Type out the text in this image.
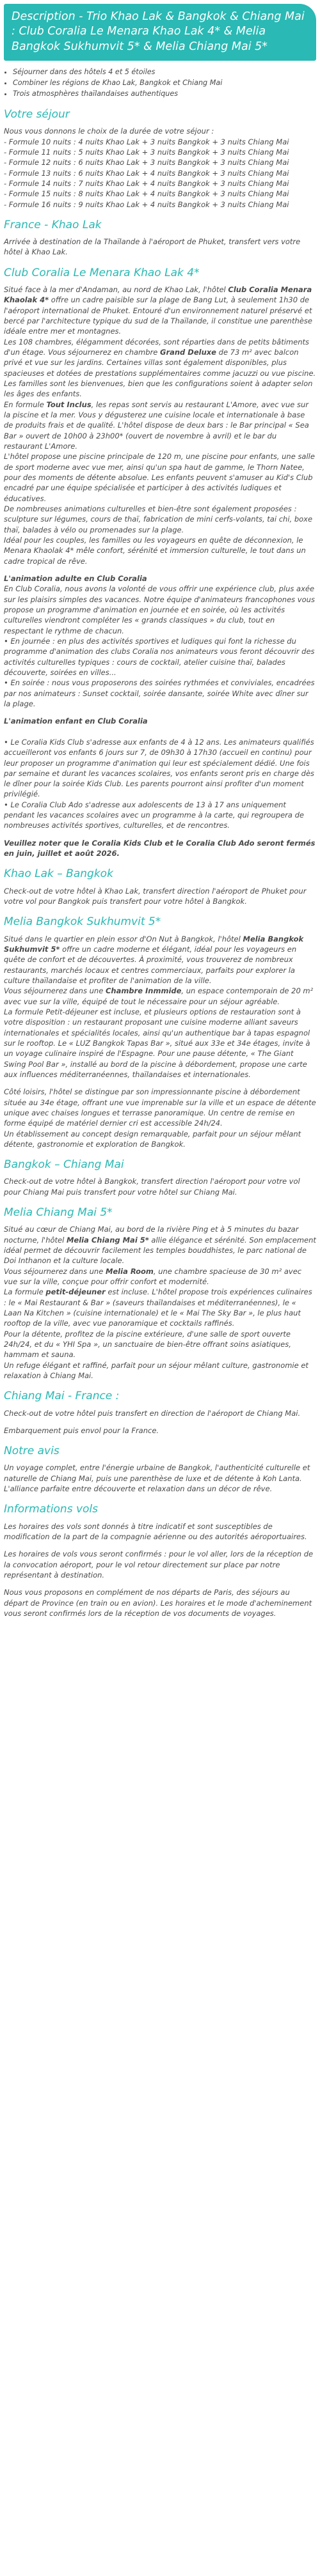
Description - Trio Khao Lak & Bangkok & Chiang Mai : Club Coralia Le Menara Khao Lak 4* & Melia Bangkok Sukhumvit 5* & Melia Chiang Mai 5*
• Séjourner dans des hôtels 4 et 5 étoiles
• Combiner les régions de Khao Lak, Bangkok et Chiang Mai
• Trois atmosphères thaïlandaises authentiques
Votre séjour

Nous vous donnons le choix de la durée de votre séjour :
- Formule 10 nuits : 4 nuits Khao Lak + 3 nuits Bangkok + 3 nuits Chiang Mai
- Formule 11 nuits : 5 nuits Khao Lak + 3 nuits Bangkok + 3 nuits Chiang Mai
- Formule 12 nuits : 6 nuits Khao Lak + 3 nuits Bangkok + 3 nuits Chiang Mai
- Formule 13 nuits : 6 nuits Khao Lak + 4 nuits Bangkok + 3 nuits Chiang Mai
- Formule 14 nuits : 7 nuits Khao Lak + 4 nuits Bangkok + 3 nuits Chiang Mai
- Formule 15 nuits : 8 nuits Khao Lak + 4 nuits Bangkok + 3 nuits Chiang Mai
- Formule 16 nuits : 9 nuits Khao Lak + 4 nuits Bangkok + 3 nuits Chiang Mai

France - Khao Lak

Arrivée à destination de la Thaïlande à l'aéroport de Phuket, transfert vers votre hôtel à Khao Lak.

Club Coralia Le Menara Khao Lak 4*

Situé face à la mer d'Andaman, au nord de Khao Lak, l'hôtel Club Coralia Menara Khaolak 4* offre un cadre paisible sur la plage de Bang Lut, à seulement 1h30 de l'aéroport international de Phuket. Entouré d'un environnement naturel préservé et bercé par l'architecture typique du sud de la Thaïlande, il constitue une parenthèse idéale entre mer et montagnes.
Les 108 chambres, élégamment décorées, sont réparties dans de petits bâtiments d'un étage. Vous séjournerez en chambre Grand Deluxe de 73 m² avec balcon privé et vue sur les jardins. Certaines villas sont également disponibles, plus spacieuses et dotées de prestations supplémentaires comme jacuzzi ou vue piscine. Les familles sont les bienvenues, bien que les configurations soient à adapter selon les âges des enfants.
En formule Tout Inclus, les repas sont servis au restaurant L'Amore, avec vue sur la piscine et la mer. Vous y dégusterez une cuisine locale et internationale à base de produits frais et de qualité. L'hôtel dispose de deux bars : le Bar principal « Sea Bar » ouvert de 10h00 à 23h00* (ouvert de novembre à avril) et le bar du restaurant L'Amore.
L'hôtel propose une piscine principale de 120 m, une piscine pour enfants, une salle de sport moderne avec vue mer, ainsi qu'un spa haut de gamme, le Thorn Natee, pour des moments de détente absolue. Les enfants peuvent s'amuser au Kid's Club encadré par une équipe spécialisée et participer à des activités ludiques et éducatives.
De nombreuses animations culturelles et bien-être sont également proposées : sculpture sur légumes, cours de thaï, fabrication de mini cerfs-volants, tai chi, boxe thaï, balades à vélo ou promenades sur la plage.
Idéal pour les couples, les familles ou les voyageurs en quête de déconnexion, le Menara Khaolak 4* mêle confort, sérénité et immersion culturelle, le tout dans un cadre tropical de rêve.

L'animation adulte en Club Coralia
En Club Coralia, nous avons la volonté de vous offrir une expérience club, plus axée sur les plaisirs simples des vacances. Notre équipe d'animateurs francophones vous propose un programme d'animation en journée et en soirée, où les activités culturelles viendront compléter les « grands classiques » du club, tout en respectant le rythme de chacun.
• En journée : en plus des activités sportives et ludiques qui font la richesse du programme d'animation des clubs Coralia nos animateurs vous feront découvrir des activités culturelles typiques : cours de cocktail, atelier cuisine thaï, balades découverte, soirées en villes...
• En soirée : nous vous proposerons des soirées rythmées et conviviales, encadrées par nos animateurs : Sunset cocktail, soirée dansante, soirée White avec dîner sur la plage.

L'animation enfant en Club Coralia

• Le Coralia Kids Club s'adresse aux enfants de 4 à 12 ans. Les animateurs qualifiés accueilleront vos enfants 6 jours sur 7, de 09h30 à 17h30 (accueil en continu) pour leur proposer un programme d'animation qui leur est spécialement dédié. Une fois par semaine et durant les vacances scolaires, vos enfants seront pris en charge dès le dîner pour la soirée Kids Club. Les parents pourront ainsi profiter d'un moment privilégié.
• Le Coralia Club Ado s'adresse aux adolescents de 13 à 17 ans uniquement pendant les vacances scolaires avec un programme à la carte, qui regroupera de nombreuses activités sportives, culturelles, et de rencontres.

Veuillez noter que le Coralia Kids Club et le Coralia Club Ado seront fermés en juin, juillet et août 2026.

Khao Lak – Bangkok

Check-out de votre hôtel à Khao Lak, transfert direction l'aéroport de Phuket pour votre vol pour Bangkok puis transfert pour votre hôtel à Bangkok.

Melia Bangkok Sukhumvit 5*

Situé dans le quartier en plein essor d'On Nut à Bangkok, l'hôtel Melia Bangkok Sukhumvit 5* offre un cadre moderne et élégant, idéal pour les voyageurs en quête de confort et de découvertes. À proximité, vous trouverez de nombreux restaurants, marchés locaux et centres commerciaux, parfaits pour explorer la culture thaïlandaise et profiter de l'animation de la ville.
Vous séjournerez dans une Chambre Inmmide, un espace contemporain de 20 m² avec vue sur la ville, équipé de tout le nécessaire pour un séjour agréable.
La formule Petit-déjeuner est incluse, et plusieurs options de restauration sont à votre disposition : un restaurant proposant une cuisine moderne alliant saveurs internationales et spécialités locales, ainsi qu'un authentique bar à tapas espagnol sur le rooftop. Le « LUZ Bangkok Tapas Bar », situé aux 33e et 34e étages, invite à un voyage culinaire inspiré de l'Espagne. Pour une pause détente, « The Giant Swing Pool Bar », installé au bord de la piscine à débordement, propose une carte aux influences méditerranéennes, thaïlandaises et internationales.

Côté loisirs, l'hôtel se distingue par son impressionnante piscine à débordement située au 34e étage, offrant une vue imprenable sur la ville et un espace de détente unique avec chaises longues et terrasse panoramique. Un centre de remise en forme équipé de matériel dernier cri est accessible 24h/24.
Un établissement au concept design remarquable, parfait pour un séjour mêlant détente, gastronomie et exploration de Bangkok.

Bangkok – Chiang Mai

Check-out de votre hôtel à Bangkok, transfert direction l'aéroport pour votre vol pour Chiang Mai puis transfert pour votre hôtel sur Chiang Mai.

Melia Chiang Mai 5*

Situé au cœur de Chiang Mai, au bord de la rivière Ping et à 5 minutes du bazar nocturne, l'hôtel Melia Chiang Mai 5* allie élégance et sérénité. Son emplacement idéal permet de découvrir facilement les temples bouddhistes, le parc national de Doi Inthanon et la culture locale.
Vous séjournerez dans une Melia Room, une chambre spacieuse de 30 m² avec vue sur la ville, conçue pour offrir confort et modernité.
La formule petit-déjeuner est incluse. L'hôtel propose trois expériences culinaires : le « Mai Restaurant & Bar » (saveurs thaïlandaises et méditerranéennes), le « Laan Na Kitchen » (cuisine internationale) et le « Mai The Sky Bar », le plus haut rooftop de la ville, avec vue panoramique et cocktails raffinés.
Pour la détente, profitez de la piscine extérieure, d'une salle de sport ouverte 24h/24, et du « YHI Spa », un sanctuaire de bien-être offrant soins asiatiques, hammam et sauna.
Un refuge élégant et raffiné, parfait pour un séjour mêlant culture, gastronomie et relaxation à Chiang Mai.

Chiang Mai - France :

Check-out de votre hôtel puis transfert en direction de l'aéroport de Chiang Mai.

Embarquement puis envol pour la France.

Notre avis

Un voyage complet, entre l'énergie urbaine de Bangkok, l'authenticité culturelle et naturelle de Chiang Mai, puis une parenthèse de luxe et de détente à Koh Lanta. L'alliance parfaite entre découverte et relaxation dans un décor de rêve.

Informations vols

Les horaires des vols sont donnés à titre indicatif et sont susceptibles de modification de la part de la compagnie aérienne ou des autorités aéroportuaires.

Les horaires de vols vous seront confirmés : pour le vol aller, lors de la réception de la convocation aéroport, pour le vol retour directement sur place par notre représentant à destination.

Nous vous proposons en complément de nos départs de Paris, des séjours au départ de Province (en train ou en avion). Les horaires et le mode d'acheminement vous seront confirmés lors de la réception de vos documents de voyages.
